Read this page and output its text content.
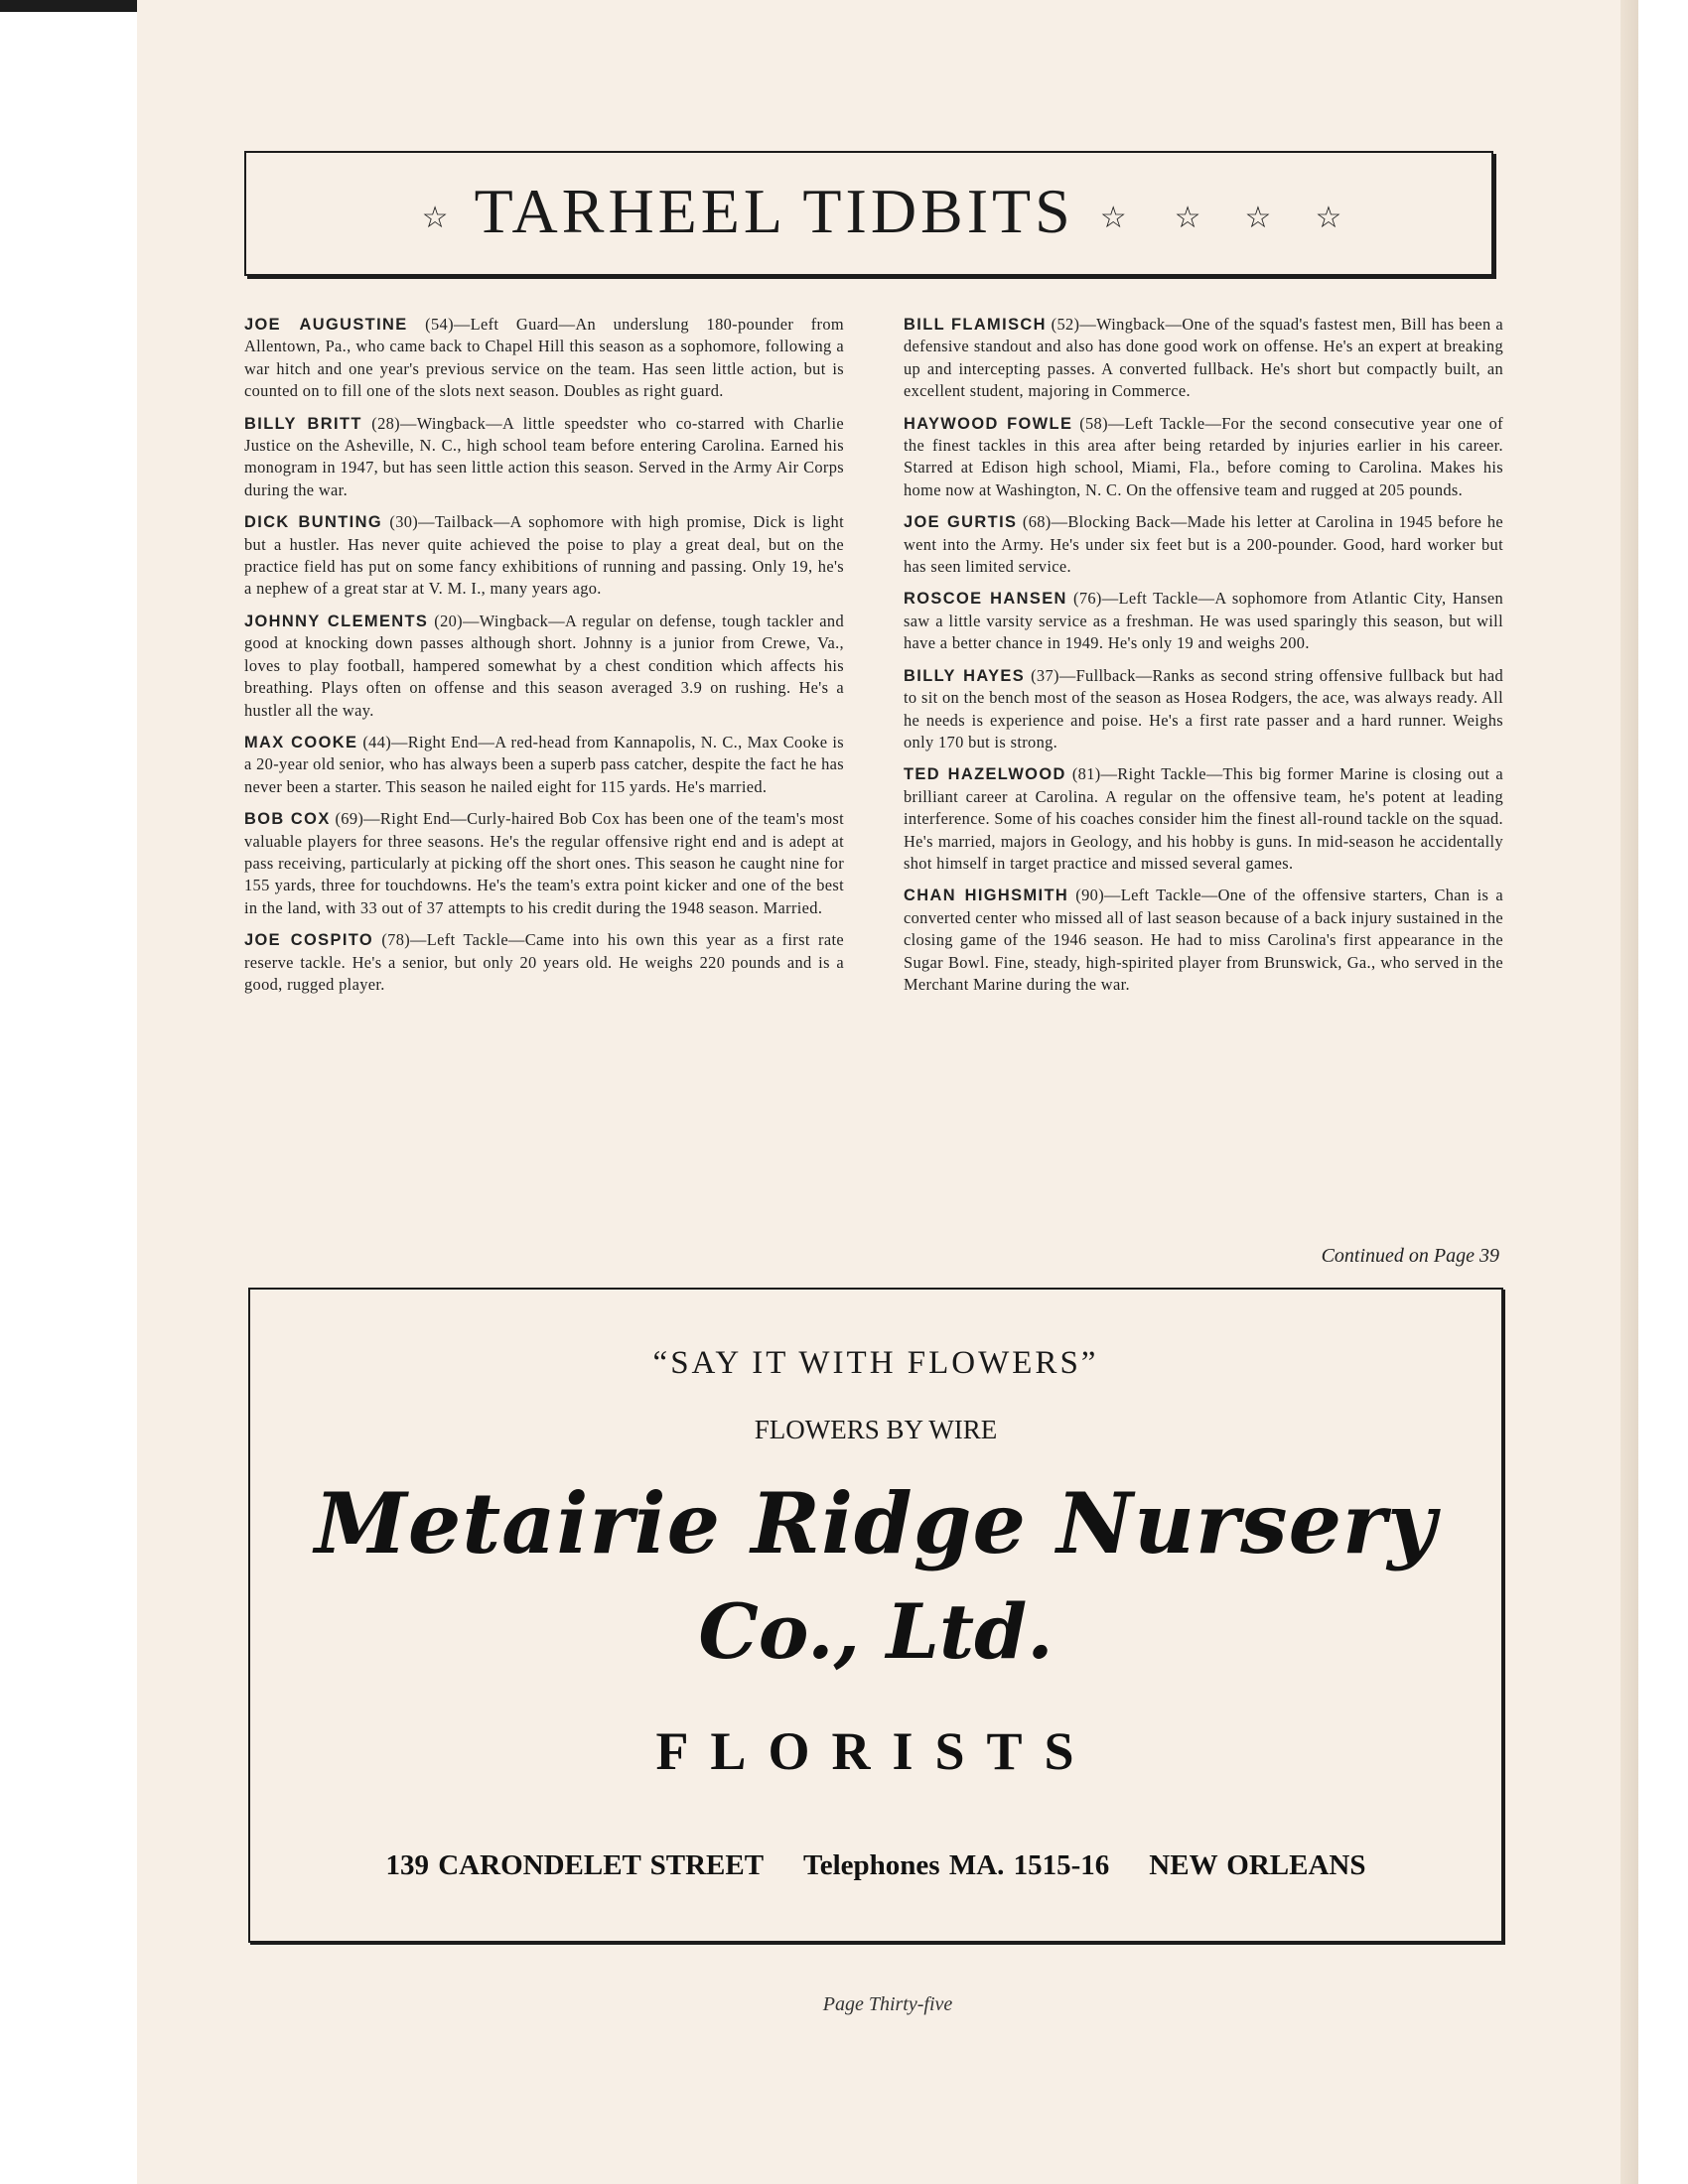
☆ TARHEEL TIDBITS ☆ ☆ ☆ ☆

JOE AUGUSTINE (54)—Left Guard—An underslung 180-pounder from Allentown, Pa., who came back to Chapel Hill this season as a sophomore, following a war hitch and one year's previous service on the team. Has seen little action, but is counted on to fill one of the slots next season. Doubles as right guard.

BILLY BRITT (28)—Wingback—A little speedster who co-starred with Charlie Justice on the Asheville, N. C., high school team before entering Carolina. Earned his monogram in 1947, but has seen little action this season. Served in the Army Air Corps during the war.

DICK BUNTING (30)—Tailback—A sophomore with high promise, Dick is light but a hustler. Has never quite achieved the poise to play a great deal, but on the practice field has put on some fancy exhibitions of running and passing. Only 19, he's a nephew of a great star at V. M. I., many years ago.

JOHNNY CLEMENTS (20)—Wingback—A regular on defense, tough tackler and good at knocking down passes although short. Johnny is a junior from Crewe, Va., loves to play football, hampered somewhat by a chest condition which affects his breathing. Plays often on offense and this season averaged 3.9 on rushing. He's a hustler all the way.

MAX COOKE (44)—Right End—A red-head from Kannapolis, N. C., Max Cooke is a 20-year old senior, who has always been a superb pass catcher, despite the fact he has never been a starter. This season he nailed eight for 115 yards. He's married.

BOB COX (69)—Right End—Curly-haired Bob Cox has been one of the team's most valuable players for three seasons. He's the regular offensive right end and is adept at pass receiving, particularly at picking off the short ones. This season he caught nine for 155 yards, three for touchdowns. He's the team's extra point kicker and one of the best in the land, with 33 out of 37 attempts to his credit during the 1948 season. Married.

JOE COSPITO (78)—Left Tackle—Came into his own this year as a first rate reserve tackle. He's a senior, but only 20 years old. He weighs 220 pounds and is a good, rugged player.

BILL FLAMISCH (52)—Wingback—One of the squad's fastest men, Bill has been a defensive standout and also has done good work on offense. He's an expert at breaking up and intercepting passes. A converted fullback. He's short but compactly built, an excellent student, majoring in Commerce.

HAYWOOD FOWLE (58)—Left Tackle—For the second consecutive year one of the finest tackles in this area after being retarded by injuries earlier in his career. Starred at Edison high school, Miami, Fla., before coming to Carolina. Makes his home now at Washington, N. C. On the offensive team and rugged at 205 pounds.

JOE GURTIS (68)—Blocking Back—Made his letter at Carolina in 1945 before he went into the Army. He's under six feet but is a 200-pounder. Good, hard worker but has seen limited service.

ROSCOE HANSEN (76)—Left Tackle—A sophomore from Atlantic City, Hansen saw a little varsity service as a freshman. He was used sparingly this season, but will have a better chance in 1949. He's only 19 and weighs 200.

BILLY HAYES (37)—Fullback—Ranks as second string offensive fullback but had to sit on the bench most of the season as Hosea Rodgers, the ace, was always ready. All he needs is experience and poise. He's a first rate passer and a hard runner. Weighs only 170 but is strong.

TED HAZELWOOD (81)—Right Tackle—This big former Marine is closing out a brilliant career at Carolina. A regular on the offensive team, he's potent at leading interference. Some of his coaches consider him the finest all-round tackle on the squad. He's married, majors in Geology, and his hobby is guns. In mid-season he accidentally shot himself in target practice and missed several games.

CHAN HIGHSMITH (90)—Left Tackle—One of the offensive starters, Chan is a converted center who missed all of last season because of a back injury sustained in the closing game of the 1946 season. He had to miss Carolina's first appearance in the Sugar Bowl. Fine, steady, high-spirited player from Brunswick, Ga., who served in the Merchant Marine during the war.

Continued on Page 39
“SAY IT WITH FLOWERS”
FLOWERS BY WIRE
Metairie Ridge Nursery
Co., Ltd.
FLORISTS
139 CARONDELET STREET Telephones MA. 1515-16 NEW ORLEANS
Page Thirty-five
